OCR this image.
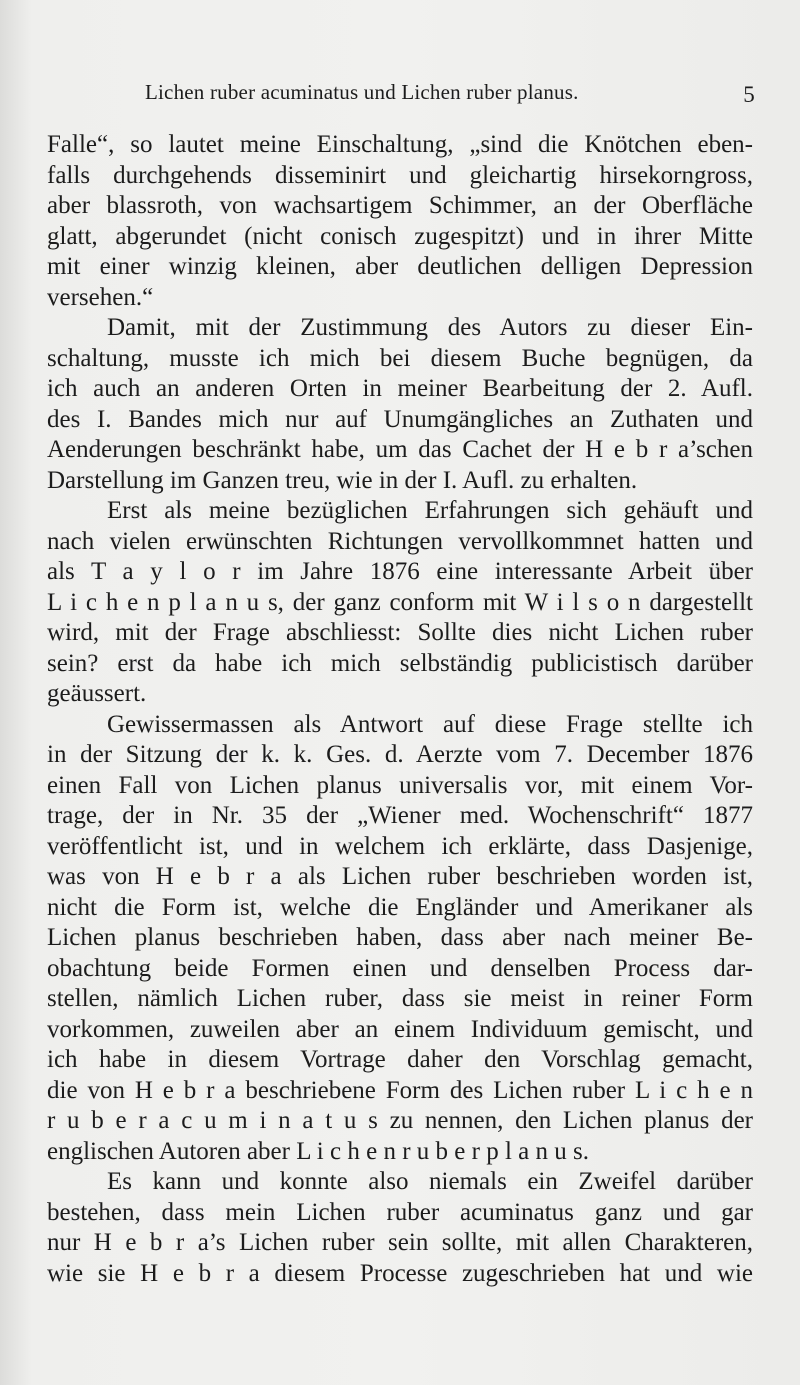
Lichen ruber acuminatus und Lichen ruber planus.	5
Falle“, so lautet meine Einschaltung, „sind die Knötchen eben-
falls durchgehends disseminirt und gleichartig hirsekorngross,
aber blassroth, von wachsartigem Schimmer, an der Oberfläche
glatt, abgerundet (nicht conisch zugespitzt) und in ihrer Mitte
mit einer winzig kleinen, aber deutlichen delligen Depression
versehen.“
Damit, mit der Zustimmung des Autors zu dieser Ein-
schaltung, musste ich mich bei diesem Buche begnügen, da
ich auch an anderen Orten in meiner Bearbeitung der 2. Aufl.
des I. Bandes mich nur auf Unumgängliches an Zuthaten und
Aenderungen beschränkt habe, um das Cachet der H e b r a’schen
Darstellung im Ganzen treu, wie in der I. Aufl. zu erhalten.
Erst als meine bezüglichen Erfahrungen sich gehäuft und
nach vielen erwünschten Richtungen vervollkommnet hatten und
als T a y l o r im Jahre 1876 eine interessante Arbeit über
L i c h e n p l a n u s, der ganz conform mit W i l s o n dargestellt
wird, mit der Frage abschliesst: Sollte dies nicht Lichen ruber
sein? erst da habe ich mich selbständig publicistisch darüber
geäussert.
Gewissermassen als Antwort auf diese Frage stellte ich
in der Sitzung der k. k. Ges. d. Aerzte vom 7. December 1876
einen Fall von Lichen planus universalis vor, mit einem Vor-
trage, der in Nr. 35 der „Wiener med. Wochenschrift“ 1877
veröffentlicht ist, und in welchem ich erklärte, dass Dasjenige,
was von H e b r a als Lichen ruber beschrieben worden ist,
nicht die Form ist, welche die Engländer und Amerikaner als
Lichen planus beschrieben haben, dass aber nach meiner Be-
obachtung beide Formen einen und denselben Process dar-
stellen, nämlich Lichen ruber, dass sie meist in reiner Form
vorkommen, zuweilen aber an einem Individuum gemischt, und
ich habe in diesem Vortrage daher den Vorschlag gemacht,
die von H e b r a beschriebene Form des Lichen ruber L i c h e n
r u b e r a c u m i n a t u s zu nennen, den Lichen planus der
englischen Autoren aber L i c h e n r u b e r p l a n u s.
Es kann und konnte also niemals ein Zweifel darüber
bestehen, dass mein Lichen ruber acuminatus ganz und gar
nur H e b r a’s Lichen ruber sein sollte, mit allen Charakteren,
wie sie H e b r a diesem Processe zugeschrieben hat und wie
